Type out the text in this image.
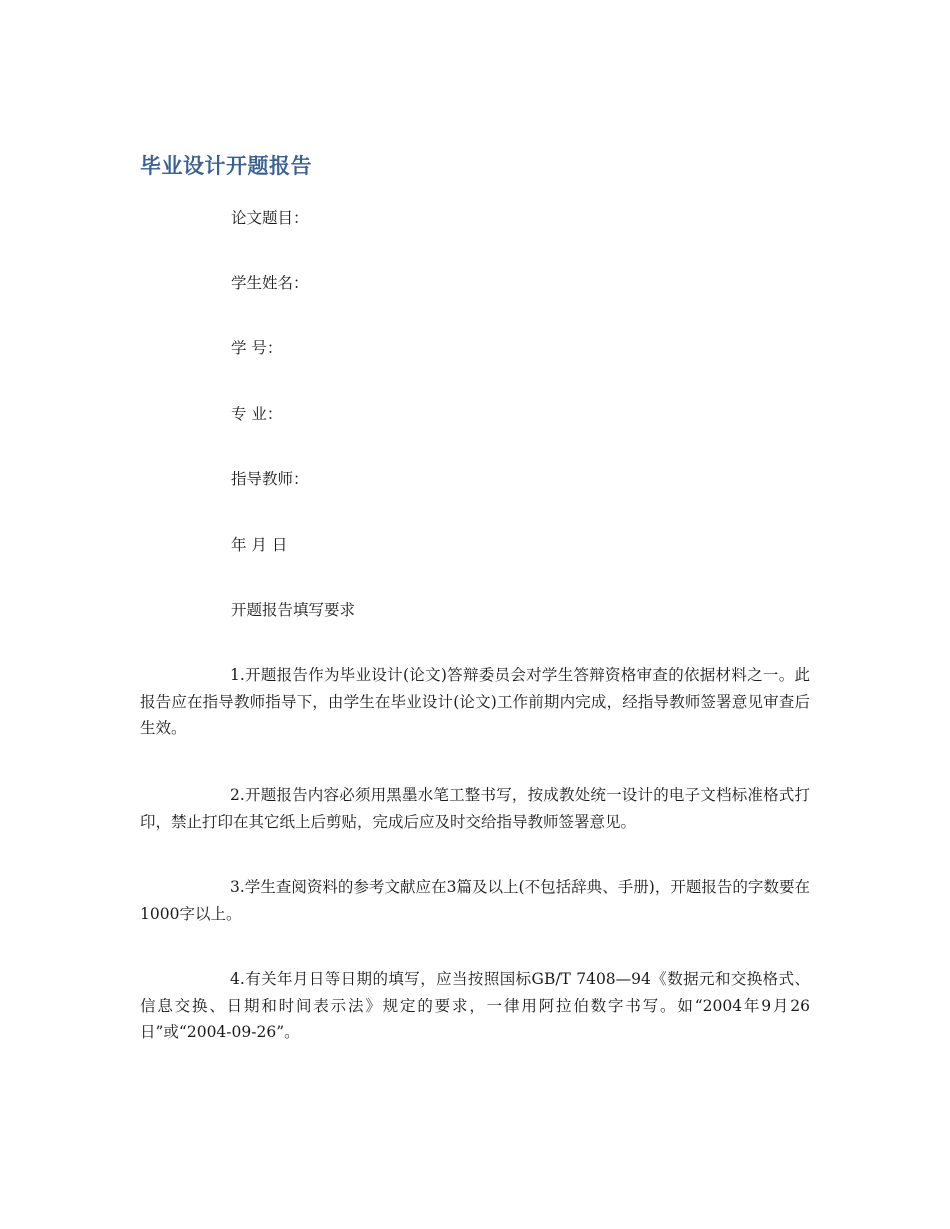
毕业设计开题报告

论文题目：

学生姓名：

学 号：

专 业：

指导教师：

年 月 日

开题报告填写要求

1.开题报告作为毕业设计(论文)答辩委员会对学生答辩资格审查的依据材料之一。此报告应在指导教师指导下，由学生在毕业设计(论文)工作前期内完成，经指导教师签署意见审查后生效。

2.开题报告内容必须用黑墨水笔工整书写，按成教处统一设计的电子文档标准格式打印，禁止打印在其它纸上后剪贴，完成后应及时交给指导教师签署意见。

3.学生查阅资料的参考文献应在3篇及以上(不包括辞典、手册)，开题报告的字数要在1000字以上。

4.有关年月日等日期的填写，应当按照国标GB/T 7408—94《数据元和交换格式、信息交换、日期和时间表示法》规定的要求，一律用阿拉伯数字书写。如“2004年9月26日”或“2004-09-26”。
